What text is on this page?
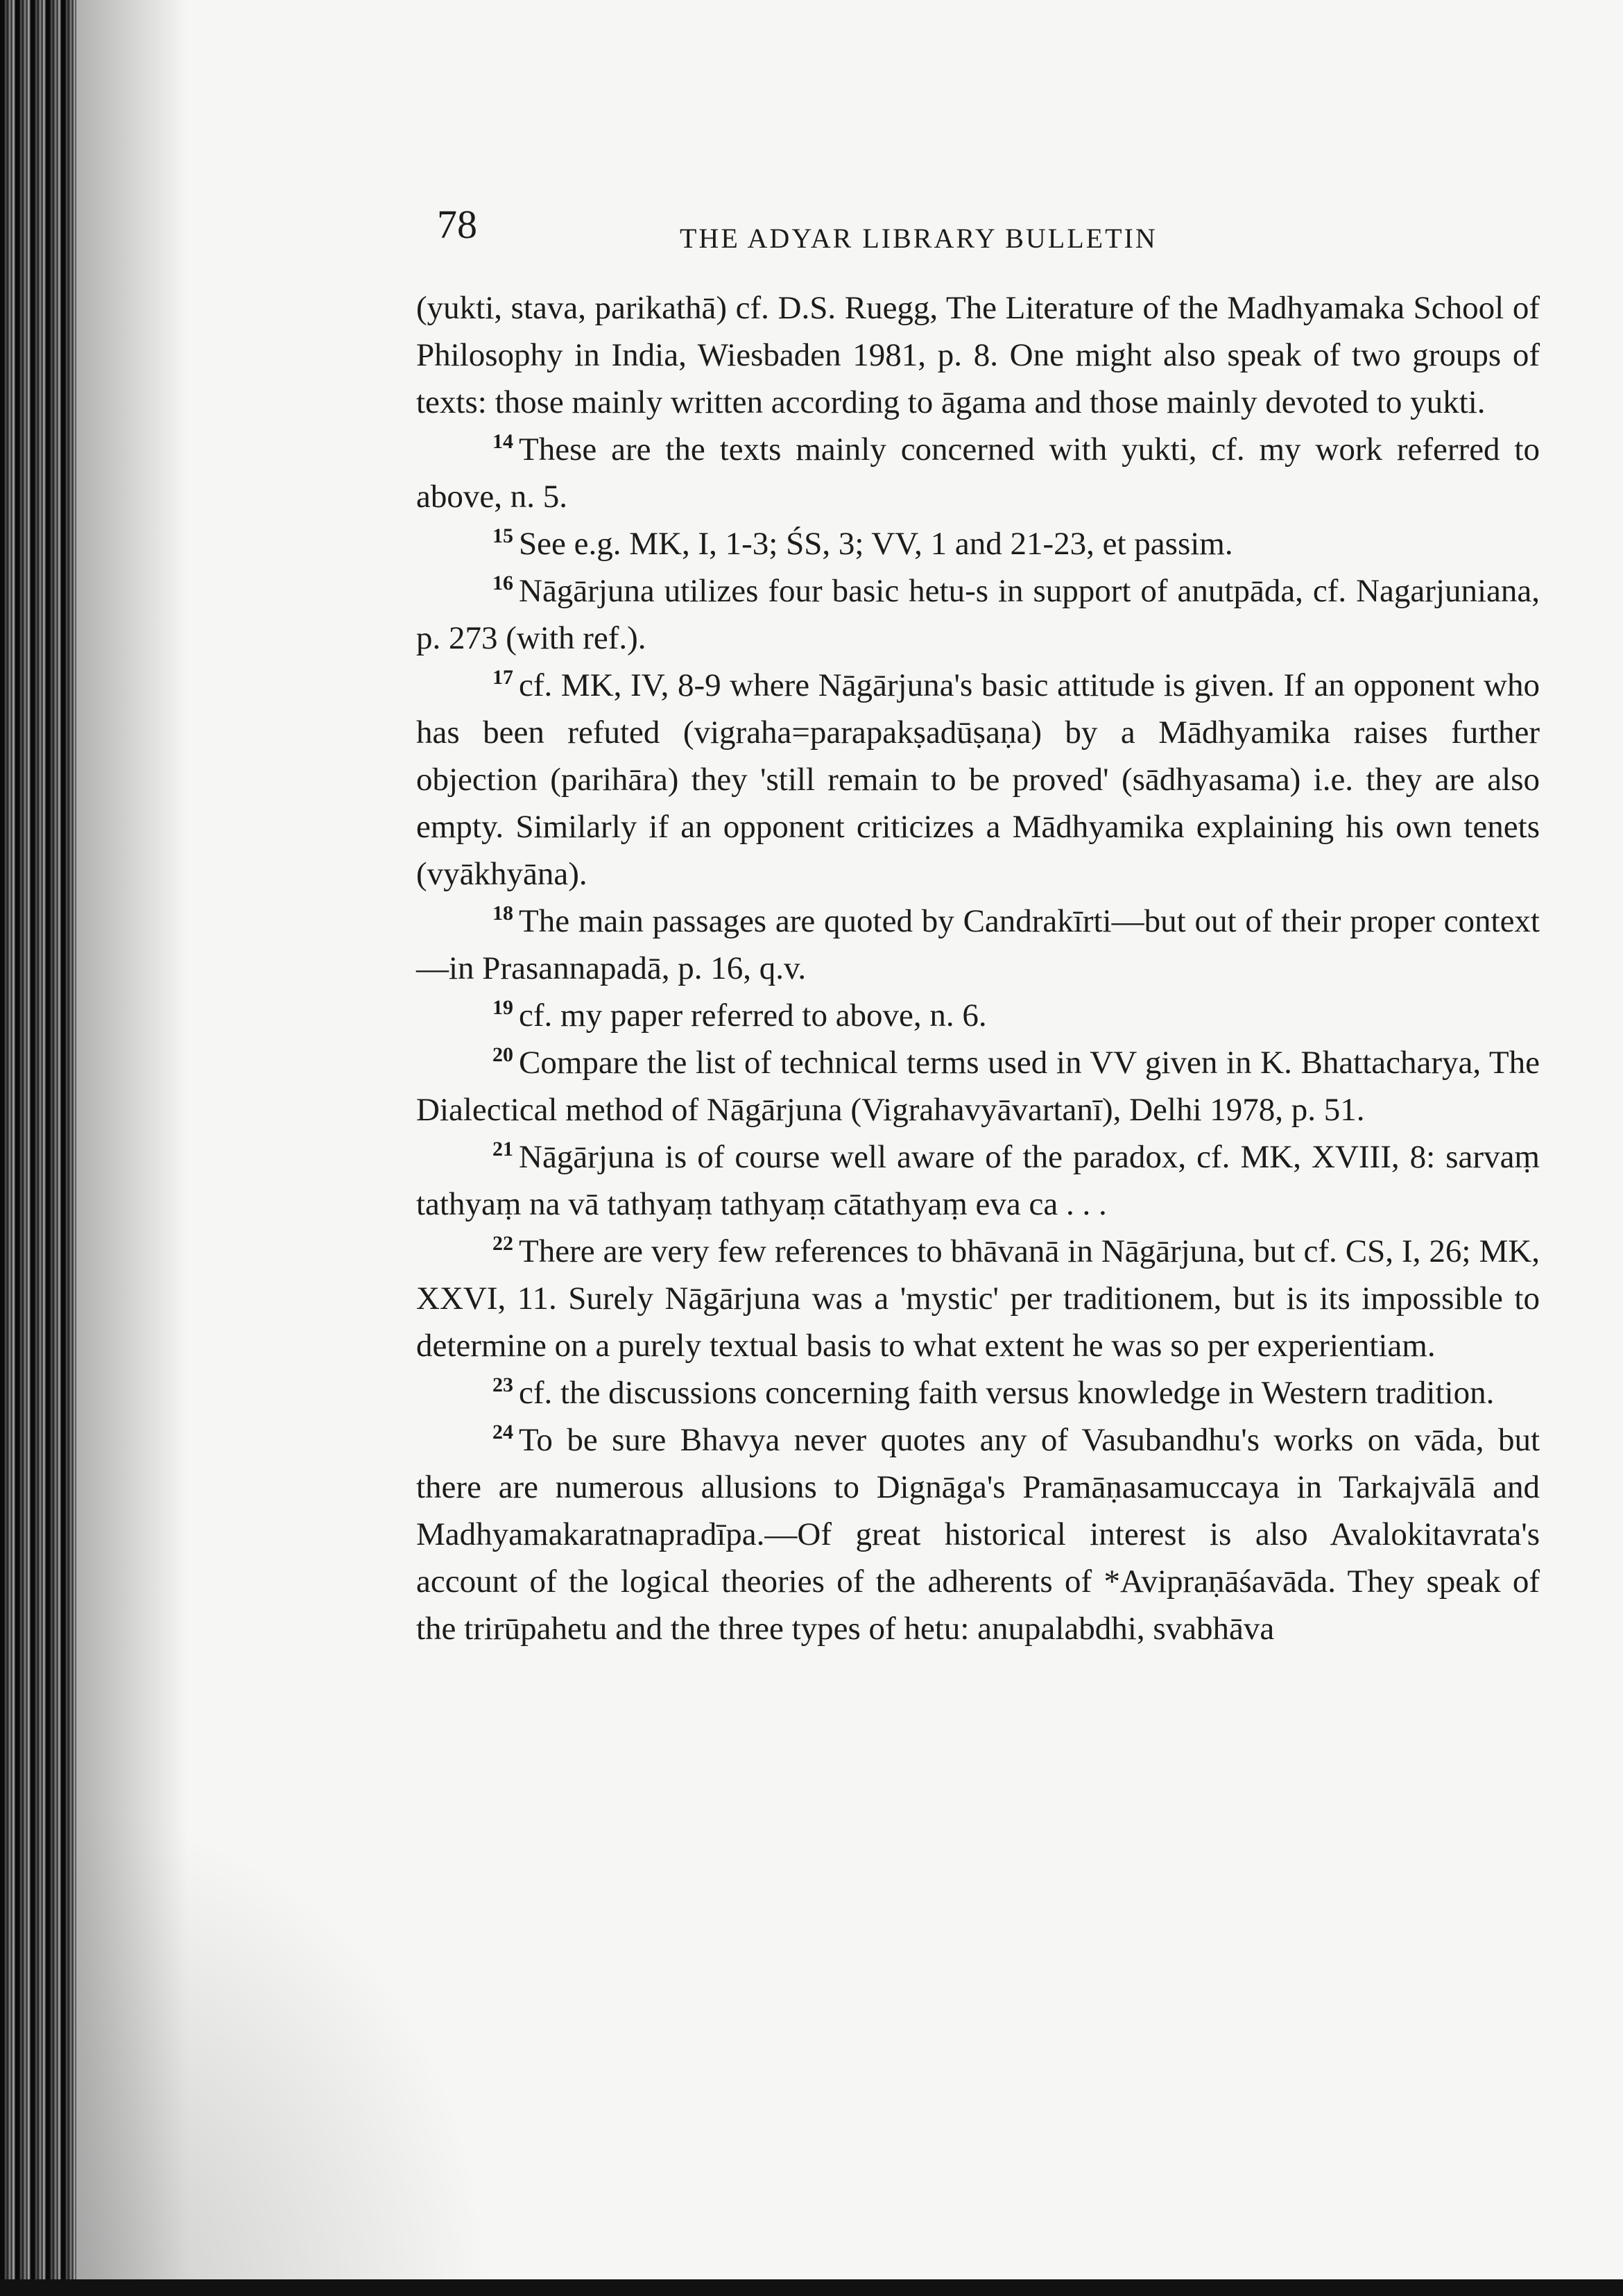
78	THE ADYAR LIBRARY BULLETIN

(yukti, stava, parikathā) cf. D.S. Ruegg, The Literature of the Madhyamaka School of Philosophy in India, Wiesbaden 1981, p. 8. One might also speak of two groups of texts: those mainly written according to āgama and those mainly devoted to yukti.

$^{14}$ These are the texts mainly concerned with yukti, cf. my work referred to above, n. 5.

$^{15}$ See e.g. MK, I, 1-3; ŚS, 3; VV, 1 and 21-23, et passim.

$^{16}$ Nāgārjuna utilizes four basic hetu-s in support of anutpāda, cf. Nagarjuniana, p. 273 (with ref.).

$^{17}$ cf. MK, IV, 8-9 where Nāgārjuna's basic attitude is given. If an opponent who has been refuted (vigraha=parapakṣadūṣaṇa) by a Mādhyamika raises further objection (parihāra) they 'still remain to be proved' (sādhyasama) i.e. they are also empty. Similarly if an opponent criticizes a Mādhyamika explaining his own tenets (vyākhyāna).

$^{18}$ The main passages are quoted by Candrakīrti—but out of their proper context—in Prasannapadā, p. 16, q.v.

$^{19}$ cf. my paper referred to above, n. 6.

$^{20}$ Compare the list of technical terms used in VV given in K. Bhattacharya, The Dialectical method of Nāgārjuna (Vigrahavyāvartanī), Delhi 1978, p. 51.

$^{21}$ Nāgārjuna is of course well aware of the paradox, cf. MK, XVIII, 8: sarvaṃ tathyaṃ na vā tathyaṃ tathyaṃ cātathyaṃ eva ca . . .

$^{22}$ There are very few references to bhāvanā in Nāgārjuna, but cf. CS, I, 26; MK, XXVI, 11. Surely Nāgārjuna was a 'mystic' per traditionem, but is its impossible to determine on a purely textual basis to what extent he was so per experientiam.

$^{23}$ cf. the discussions concerning faith versus knowledge in Western tradition.

$^{24}$ To be sure Bhavya never quotes any of Vasubandhu's works on vāda, but there are numerous allusions to Dignāga's Pramāṇasamuccaya in Tarkajvālā and Madhyamakaratnapradīpa.—Of great historical interest is also Avalokitavrata's account of the logical theories of the adherents of *Avipraṇāśavāda. They speak of the trirūpahetu and the three types of hetu: anupalabdhi, svabhāva
